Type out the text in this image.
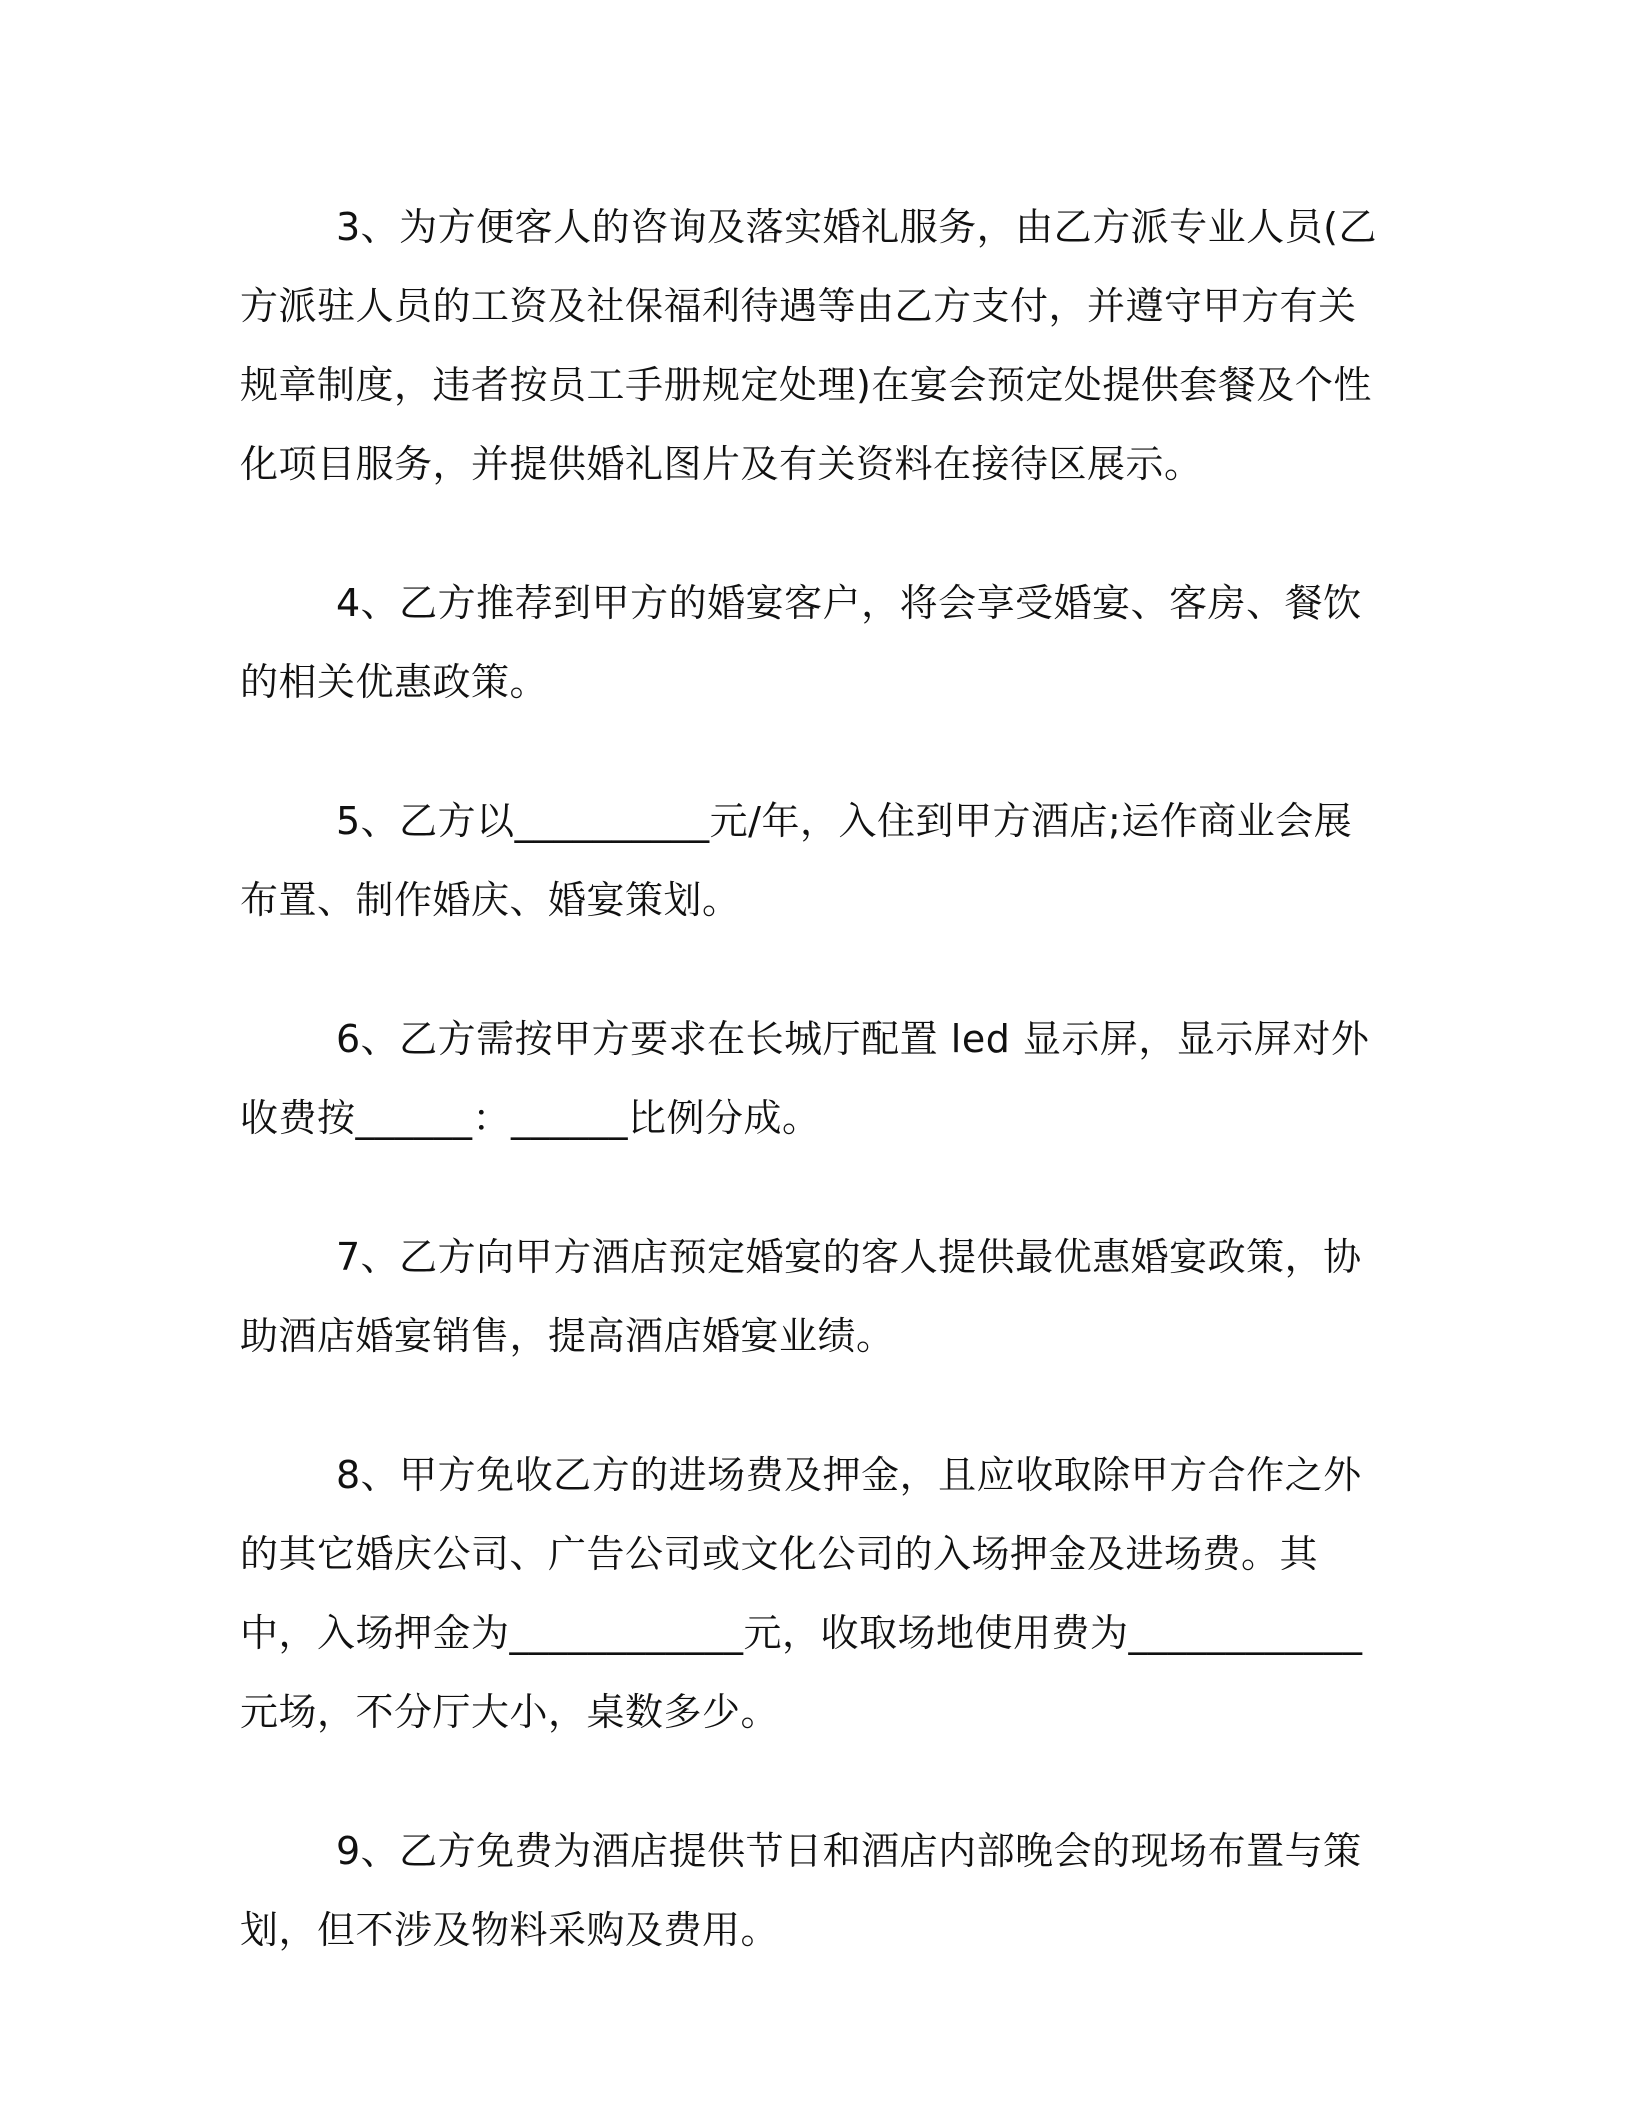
3、为方便客人的咨询及落实婚礼服务，由乙方派专业人员(乙方派驻人员的工资及社保福利待遇等由乙方支付，并遵守甲方有关规章制度，违者按员工手册规定处理)在宴会预定处提供套餐及个性化项目服务，并提供婚礼图片及有关资料在接待区展示。

4、乙方推荐到甲方的婚宴客户，将会享受婚宴、客房、餐饮的相关优惠政策。

5、乙方以__________元/年，入住到甲方酒店;运作商业会展布置、制作婚庆、婚宴策划。

6、乙方需按甲方要求在长城厅配置 led 显示屏，显示屏对外收费按______：______比例分成。

7、乙方向甲方酒店预定婚宴的客人提供最优惠婚宴政策，协助酒店婚宴销售，提高酒店婚宴业绩。

8、甲方免收乙方的进场费及押金，且应收取除甲方合作之外的其它婚庆公司、广告公司或文化公司的入场押金及进场费。其中，入场押金为____________元，收取场地使用费为____________元场，不分厅大小，桌数多少。

9、乙方免费为酒店提供节日和酒店内部晚会的现场布置与策划，但不涉及物料采购及费用。
